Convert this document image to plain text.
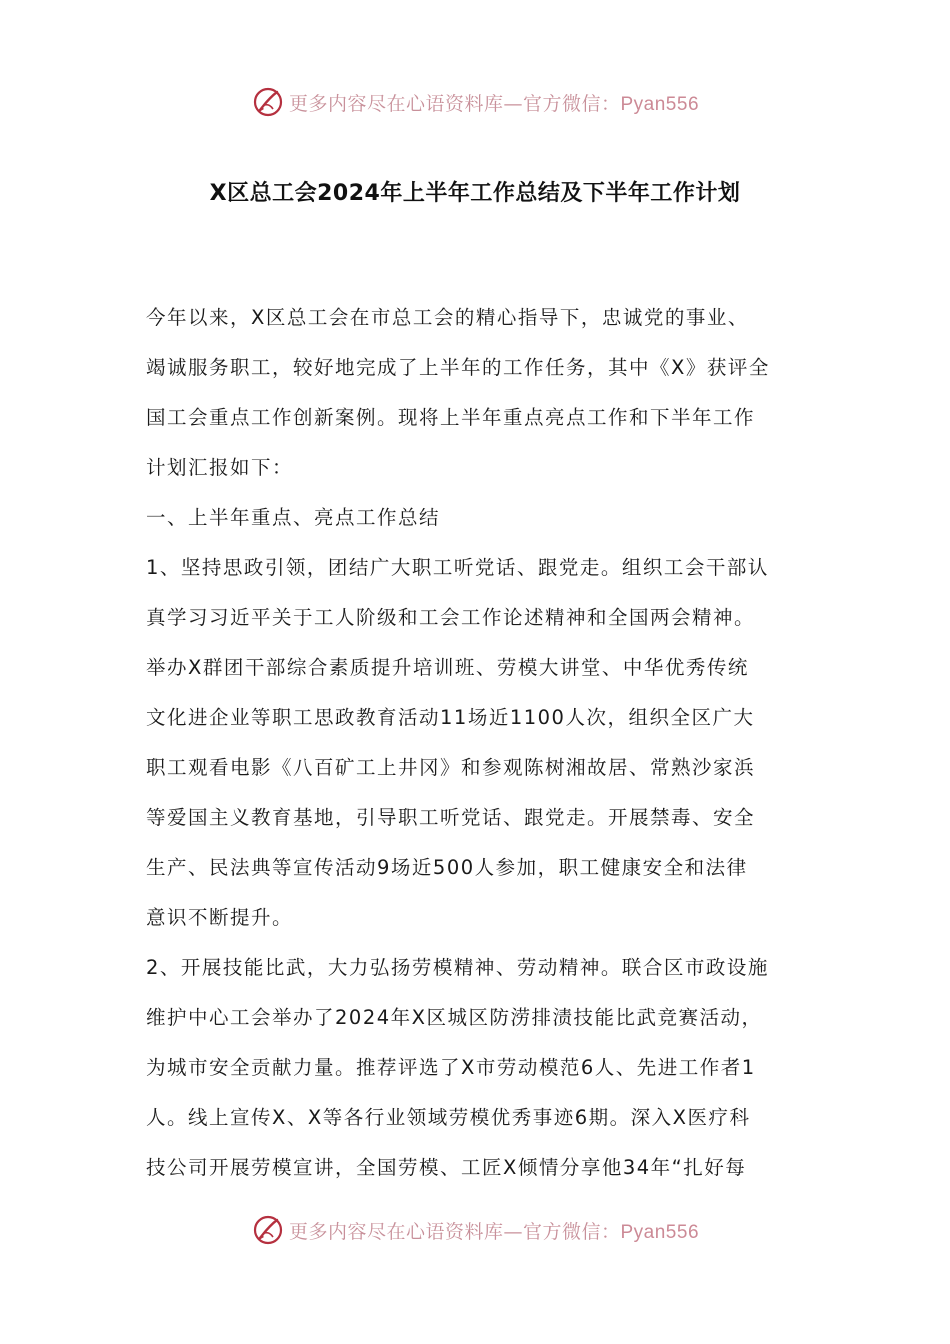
更多内容尽在心语资料库—官方微信：Pyan556
X区总工会2024年上半年工作总结及下半年工作计划
今年以来，X区总工会在市总工会的精心指导下，忠诚党的事业、
竭诚服务职工，较好地完成了上半年的工作任务，其中《X》获评全
国工会重点工作创新案例。现将上半年重点亮点工作和下半年工作
计划汇报如下：
一、上半年重点、亮点工作总结
1、坚持思政引领，团结广大职工听党话、跟党走。组织工会干部认
真学习习近平关于工人阶级和工会工作论述精神和全国两会精神。
举办X群团干部综合素质提升培训班、劳模大讲堂、中华优秀传统
文化进企业等职工思政教育活动11场近1100人次，组织全区广大
职工观看电影《八百矿工上井冈》和参观陈树湘故居、常熟沙家浜
等爱国主义教育基地，引导职工听党话、跟党走。开展禁毒、安全
生产、民法典等宣传活动9场近500人参加，职工健康安全和法律
意识不断提升。
2、开展技能比武，大力弘扬劳模精神、劳动精神。联合区市政设施
维护中心工会举办了2024年X区城区防涝排渍技能比武竞赛活动，
为城市安全贡献力量。推荐评选了X市劳动模范6人、先进工作者1
人。线上宣传X、X等各行业领域劳模优秀事迹6期。深入X医疗科
技公司开展劳模宣讲，全国劳模、工匠X倾情分享他34年“扎好每
更多内容尽在心语资料库—官方微信：Pyan556
